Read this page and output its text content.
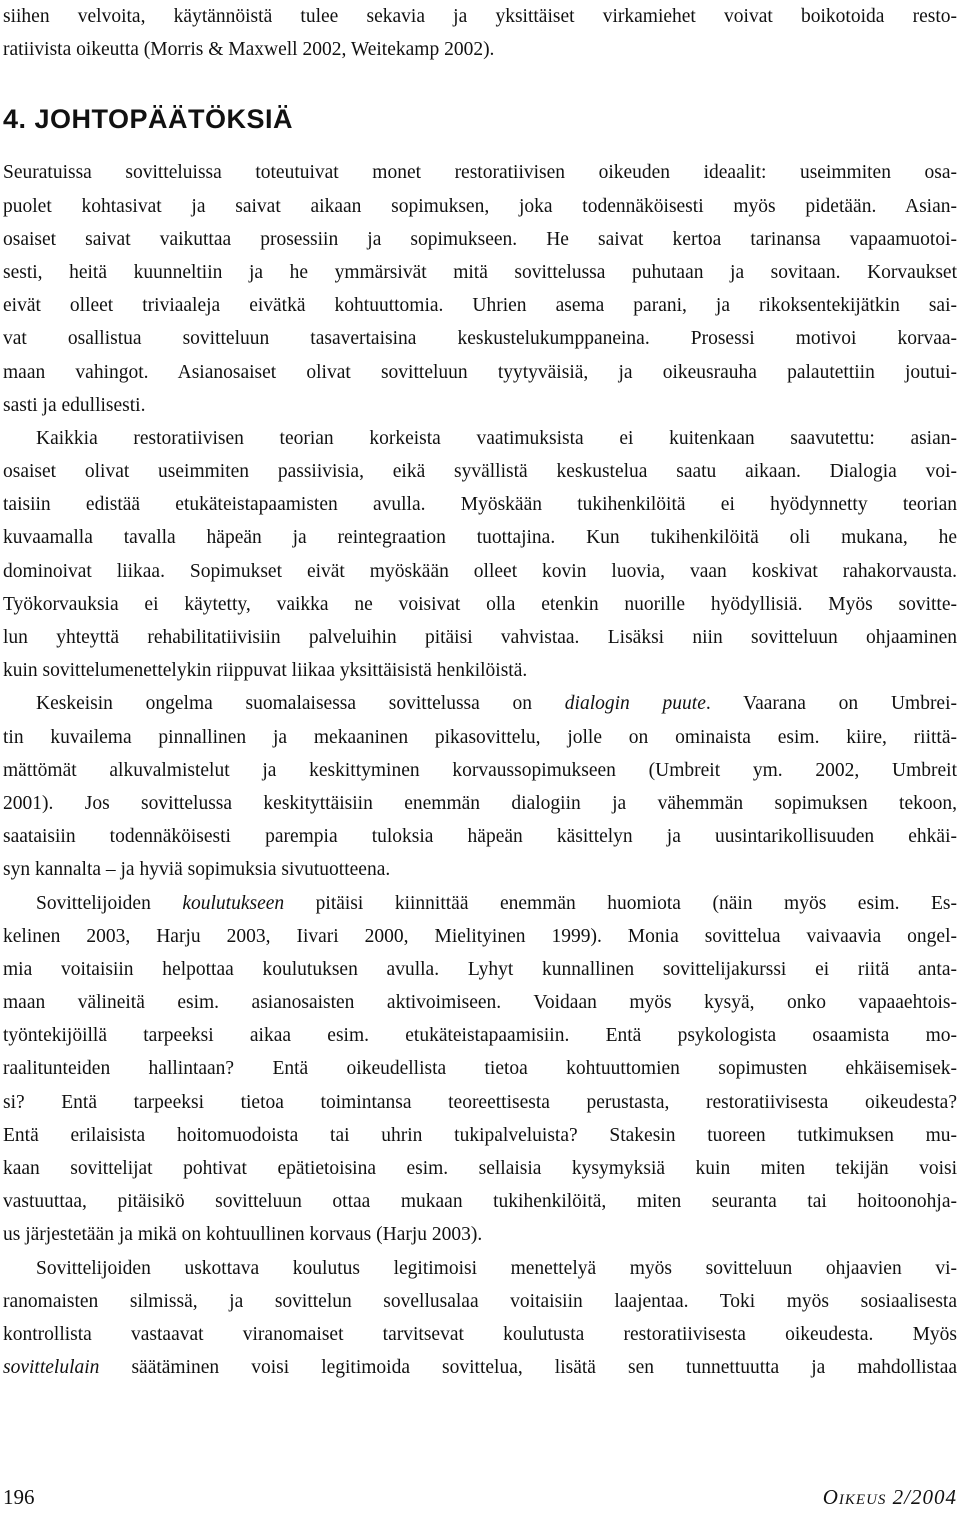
siihen velvoita, käytännöistä tulee sekavia ja yksittäiset virkamiehet voivat boikotoida resto-
ratiivista oikeutta (Morris & Maxwell 2002, Weitekamp 2002).
4. JOHTOPÄÄTÖKSIÄ
Seuratuissa sovitteluissa toteutuivat monet restoratiivisen oikeuden ideaalit: useimmiten osa-
puolet kohtasivat ja saivat aikaan sopimuksen, joka todennäköisesti myös pidetään. Asian-
osaiset saivat vaikuttaa prosessiin ja sopimukseen. He saivat kertoa tarinansa vapaamuotoi-
sesti, heitä kuunneltiin ja he ymmärsivät mitä sovittelussa puhutaan ja sovitaan. Korvaukset
eivät olleet triviaaleja eivätkä kohtuuttomia. Uhrien asema parani, ja rikoksentekijätkin sai-
vat osallistua sovitteluun tasavertaisina keskustelukumppaneina. Prosessi motivoi korvaa-
maan vahingot. Asianosaiset olivat sovitteluun tyytyväisiä, ja oikeusrauha palautettiin joutui-
sasti ja edullisesti.
Kaikkia restoratiivisen teorian korkeista vaatimuksista ei kuitenkaan saavutettu: asian-
osaiset olivat useimmiten passiivisia, eikä syvällistä keskustelua saatu aikaan. Dialogia voi-
taisiin edistää etukäteistapaamisten avulla. Myöskään tukihenkilöitä ei hyödynnetty teorian
kuvaamalla tavalla häpeän ja reintegraation tuottajina. Kun tukihenkilöitä oli mukana, he
dominoivat liikaa. Sopimukset eivät myöskään olleet kovin luovia, vaan koskivat rahakorvausta.
Työkorvauksia ei käytetty, vaikka ne voisivat olla etenkin nuorille hyödyllisiä. Myös sovitte-
lun yhteyttä rehabilitatiivisiin palveluihin pitäisi vahvistaa. Lisäksi niin sovitteluun ohjaaminen
kuin sovittelumenettelykin riippuvat liikaa yksittäisistä henkilöistä.
Keskeisin ongelma suomalaisessa sovittelussa on dialogin puute. Vaarana on Umbrei-
tin kuvailema pinnallinen ja mekaaninen pikasovittelu, jolle on ominaista esim. kiire, riittä-
mättömät alkuvalmistelut ja keskittyminen korvaussopimukseen (Umbreit ym. 2002, Umbreit
2001). Jos sovittelussa keskityttäisiin enemmän dialogiin ja vähemmän sopimuksen tekoon,
saataisiin todennäköisesti parempia tuloksia häpeän käsittelyn ja uusintarikollisuuden ehkäi-
syn kannalta – ja hyviä sopimuksia sivutuotteena.
Sovittelijoiden koulutukseen pitäisi kiinnittää enemmän huomiota (näin myös esim. Es-
kelinen 2003, Harju 2003, Iivari 2000, Mielityinen 1999). Monia sovittelua vaivaavia ongel-
mia voitaisiin helpottaa koulutuksen avulla. Lyhyt kunnallinen sovittelijakurssi ei riitä anta-
maan välineitä esim. asianosaisten aktivoimiseen. Voidaan myös kysyä, onko vapaaehtois-
työntekijöillä tarpeeksi aikaa esim. etukäteistapaamisiin. Entä psykologista osaamista mo-
raalitunteiden hallintaan? Entä oikeudellista tietoa kohtuuttomien sopimusten ehkäisemisek-
si? Entä tarpeeksi tietoa toimintansa teoreettisesta perustasta, restoratiivisesta oikeudesta?
Entä erilaisista hoitomuodoista tai uhrin tukipalveluista? Stakesin tuoreen tutkimuksen mu-
kaan sovittelijat pohtivat epätietoisina esim. sellaisia kysymyksiä kuin miten tekijän voisi
vastuuttaa, pitäisikö sovitteluun ottaa mukaan tukihenkilöitä, miten seuranta tai hoitoonohja-
us järjestetään ja mikä on kohtuullinen korvaus (Harju 2003).
Sovittelijoiden uskottava koulutus legitimoisi menettelyä myös sovitteluun ohjaavien vi-
ranomaisten silmissä, ja sovittelun sovellusalaa voitaisiin laajentaa. Toki myös sosiaalisesta
kontrollista vastaavat viranomaiset tarvitsevat koulutusta restoratiivisesta oikeudesta. Myös
sovittelulain säätäminen voisi legitimoida sovittelua, lisätä sen tunnettuutta ja mahdollistaa
196	Oikeus 2/2004
